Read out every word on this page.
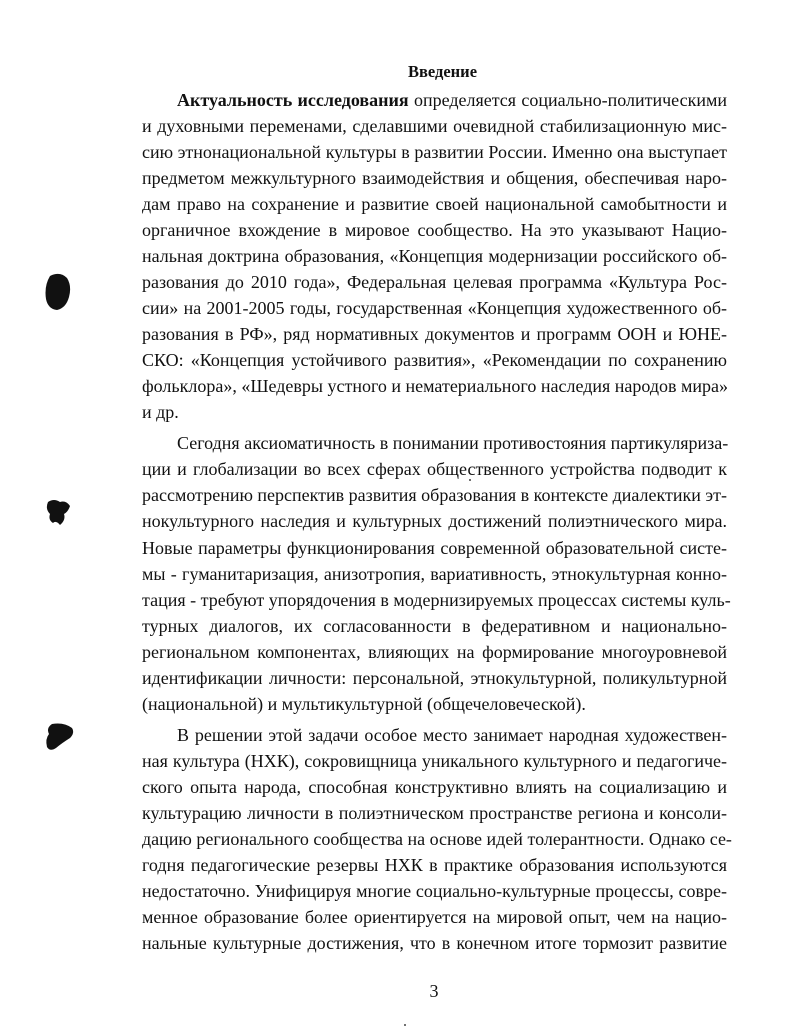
Введение
Актуальность исследования определяется социально-политическими
и духовными переменами, сделавшими очевидной стабилизационную мис-
сию этнонациональной культуры в развитии России. Именно она выступает
предметом межкультурного взаимодействия и общения, обеспечивая наро-
дам право на сохранение и развитие своей национальной самобытности и
органичное вхождение в мировое сообщество. На это указывают Нацио-
нальная доктрина образования, «Концепция модернизации российского об-
разования до 2010 года», Федеральная целевая программа «Культура Рос-
сии» на 2001-2005 годы, государственная «Концепция художественного об-
разования в РФ», ряд нормативных документов и программ ООН и ЮНЕ-
СКО: «Концепция устойчивого развития», «Рекомендации по сохранению
фольклора», «Шедевры устного и нематериального наследия народов мира»
и др.
Сегодня аксиоматичность в понимании противостояния партикуляриза-
ции и глобализации во всех сферах общественного устройства подводит к
рассмотрению перспектив развития образования в контексте диалектики эт-
нокультурного наследия и культурных достижений полиэтнического мира.
Новые параметры функционирования современной образовательной систе-
мы - гуманитаризация, анизотропия, вариативность, этнокультурная конно-
тация - требуют упорядочения в модернизируемых процессах системы куль-
турных диалогов, их согласованности в федеративном и национально-
региональном компонентах, влияющих на формирование многоуровневой
идентификации личности: персональной, этнокультурной, поликультурной
(национальной) и мультикультурной (общечеловеческой).
В решении этой задачи особое место занимает народная художествен-
ная культура (НХК), сокровищница уникального культурного и педагогиче-
ского опыта народа, способная конструктивно влиять на социализацию и
культурацию личности в полиэтническом пространстве региона и консоли-
дацию регионального сообщества на основе идей толерантности. Однако се-
годня педагогические резервы НХК в практике образования используются
недостаточно. Унифицируя многие социально-культурные процессы, совре-
менное образование более ориентируется на мировой опыт, чем на нацио-
нальные культурные достижения, что в конечном итоге тормозит развитие
3
